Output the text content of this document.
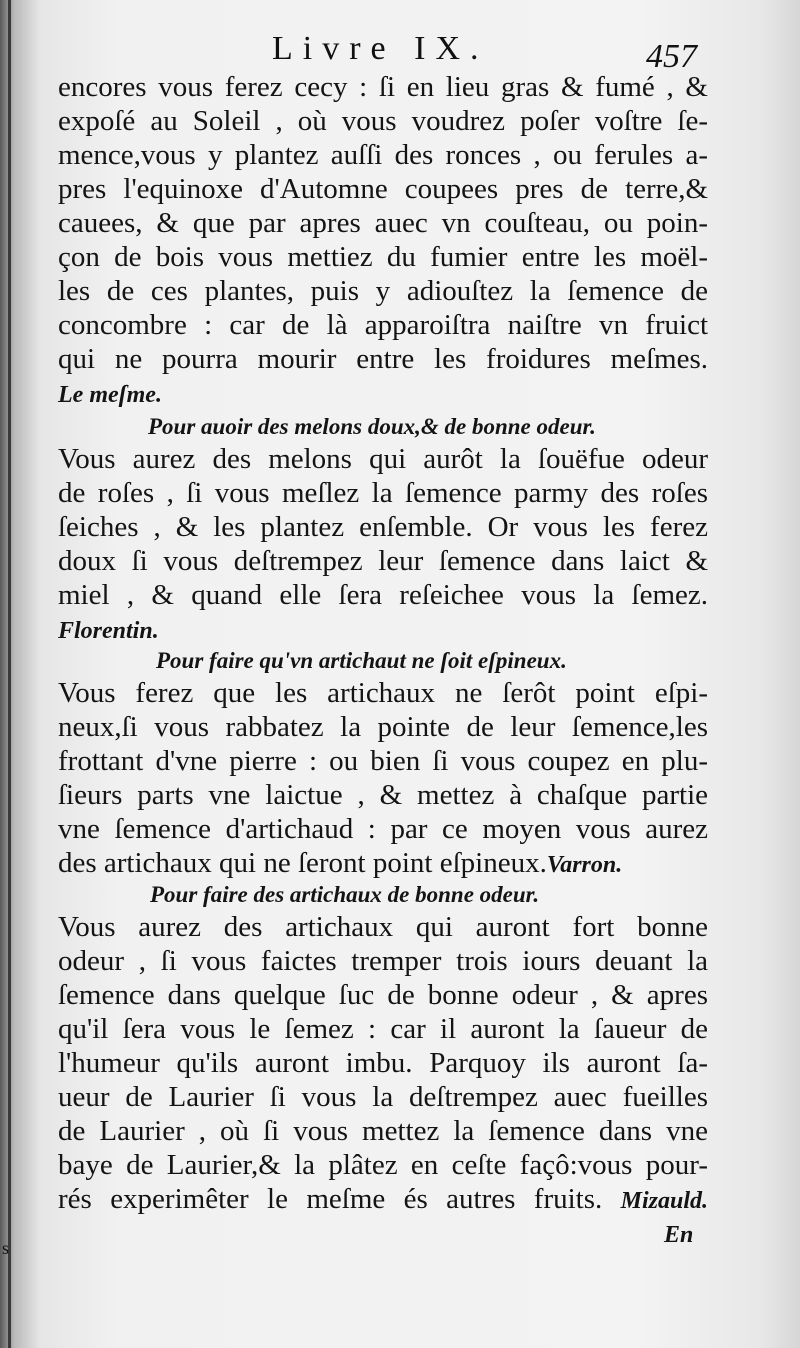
s
Livre IX.	457
encores vous ferez cecy : ſi en lieu gras & fumé , &
expoſé au Soleil , où vous voudrez poſer voſtre ſe-
mence,vous y plantez auſſi des ronces , ou ferules a-
pres l'equinoxe d'Automne coupees pres de terre,&
cauees, & que par apres auec vn couſteau, ou poin-
çon de bois vous mettiez du fumier entre les moël-
les de ces plantes, puis y adiouſtez la ſemence de
concombre : car de là apparoiſtra naiſtre vn fruict
qui ne pourra mourir entre les froidures meſmes.
Le meſme.
Pour auoir des melons doux,& de bonne odeur.
Vous aurez des melons qui aurôt la ſouëfue odeur
de roſes , ſi vous meſlez la ſemence parmy des roſes
ſeiches , & les plantez enſemble. Or vous les ferez
doux ſi vous deſtrempez leur ſemence dans laict &
miel , & quand elle ſera reſeichee vous la ſemez.
Florentin.
Pour faire qu'vn artichaut ne ſoit eſpineux.
Vous ferez que les artichaux ne ſerôt point eſpi-
neux,ſi vous rabbatez la pointe de leur ſemence,les
frottant d'vne pierre : ou bien ſi vous coupez en plu-
ſieurs parts vne laictue , & mettez à chaſque partie
vne ſemence d'artichaud : par ce moyen vous aurez
des artichaux qui ne ſeront point eſpineux.Varron.
Pour faire des artichaux de bonne odeur.
Vous aurez des artichaux qui auront fort bonne
odeur , ſi vous faictes tremper trois iours deuant la
ſemence dans quelque ſuc de bonne odeur , & apres
qu'il ſera vous le ſemez : car il auront la ſaueur de
l'humeur qu'ils auront imbu. Parquoy ils auront ſa-
ueur de Laurier ſi vous la deſtrempez auec fueilles
de Laurier , où ſi vous mettez la ſemence dans vne
baye de Laurier,& la plâtez en ceſte façô:vous pour-
rés experimêter le meſme és autres fruits. Mizauld.
En
